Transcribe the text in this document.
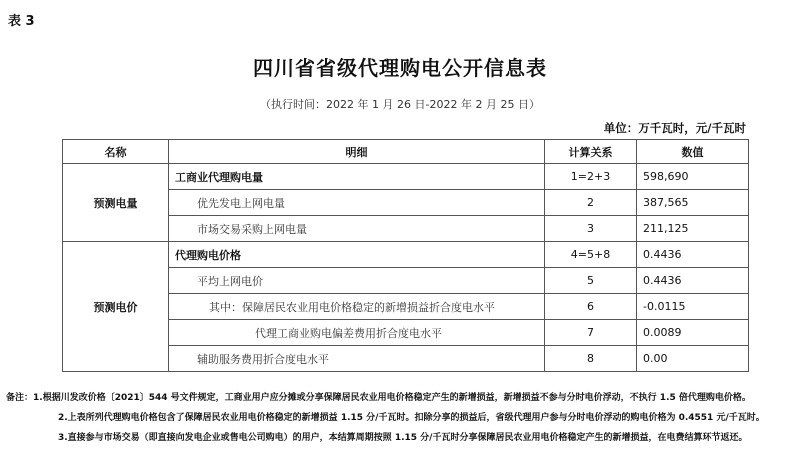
表 3
四川省省级代理购电公开信息表
（执行时间：2022 年 1 月 26 日-2022 年 2 月 25 日）
单位：万千瓦时，元/千瓦时
名称	明细	计算关系	数值
预测电量	工商业代理购电量	1=2+3	598,690
	优先发电上网电量	2	387,565
	市场交易采购上网电量	3	211,125
预测电价	代理购电价格	4=5+8	0.4436
	平均上网电价	5	0.4436
	其中：保障居民农业用电价格稳定的新增损益折合度电水平	6	-0.0115
	代理工商业购电偏差费用折合度电水平	7	0.0089
	辅助服务费用折合度电水平	8	0.00
备注：1.根据川发改价格〔2021〕544 号文件规定，工商业用户应分摊或分享保障居民农业用电价格稳定产生的新增损益，新增损益不参与分时电价浮动，不执行 1.5 倍代理购电价格。
2.上表所列代理购电价格包含了保障居民农业用电价格稳定的新增损益 1.15 分/千瓦时。扣除分享的损益后，省级代理用户参与分时电价浮动的购电价格为 0.4551 元/千瓦时。
3.直接参与市场交易（即直接向发电企业或售电公司购电）的用户，本结算周期按照 1.15 分/千瓦时分享保障居民农业用电价格稳定产生的新增损益，在电费结算环节返还。
